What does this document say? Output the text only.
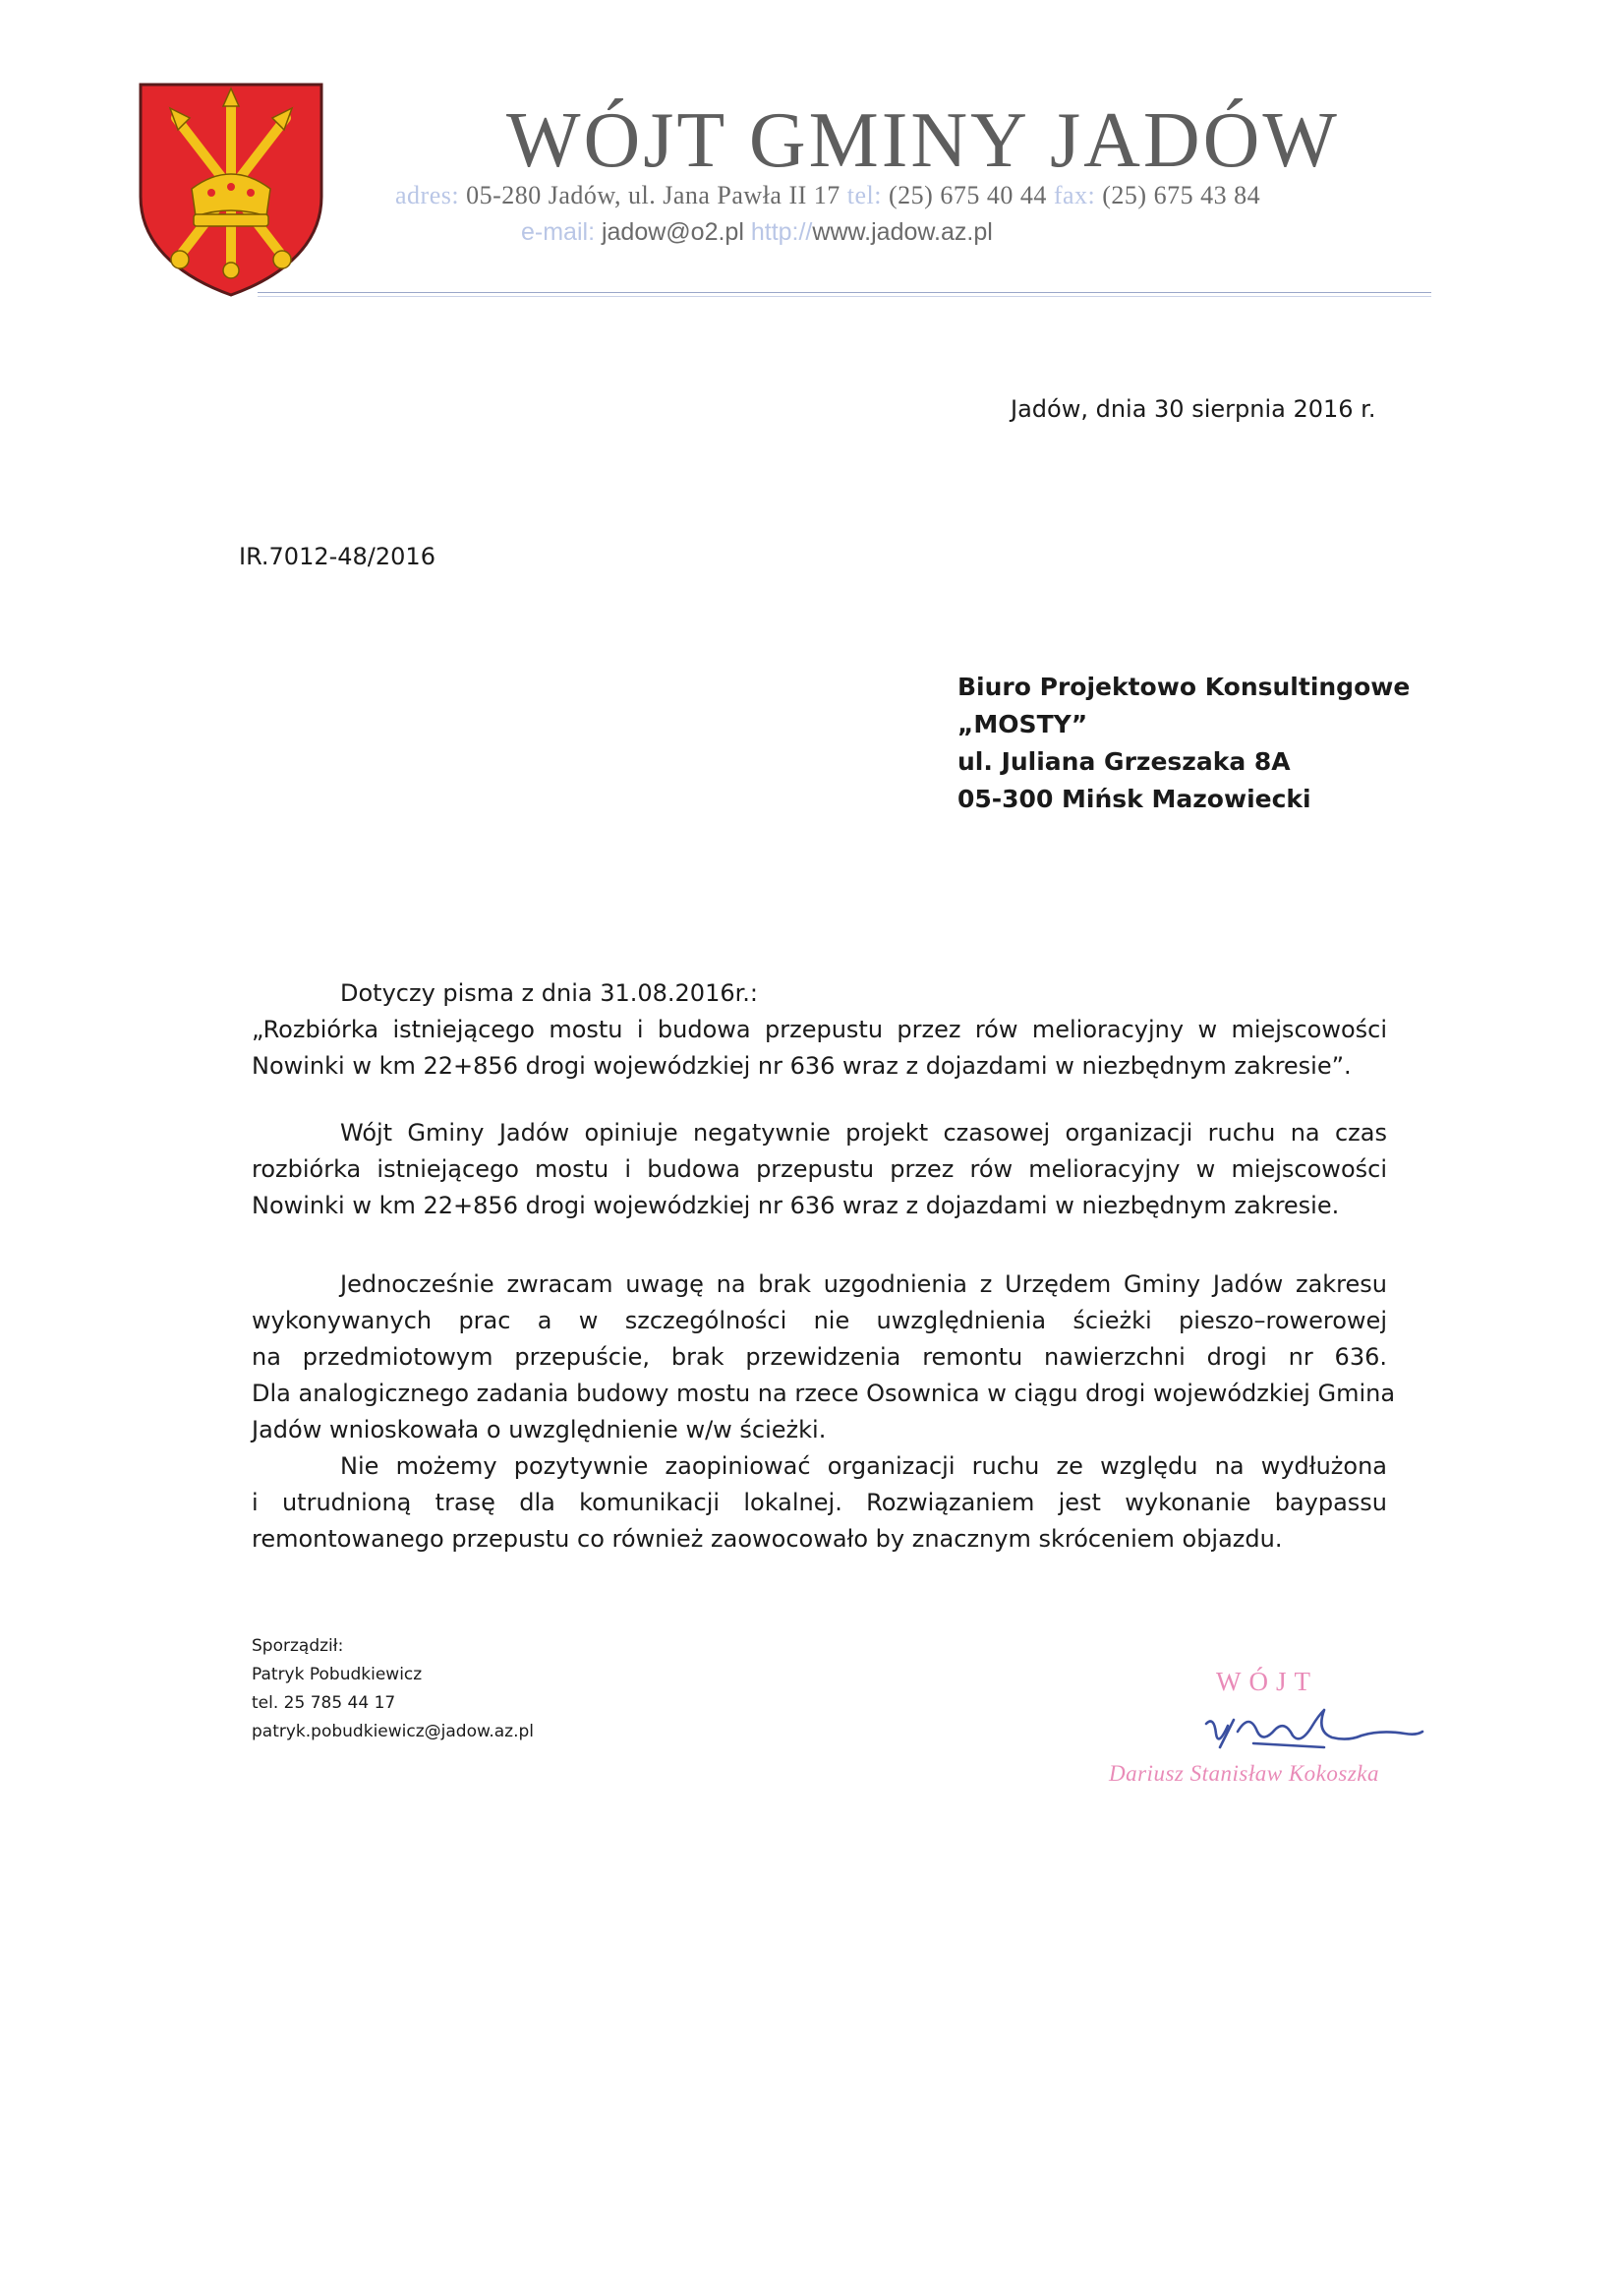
WÓJT GMINY JADÓW
adres: 05-280 Jadów, ul. Jana Pawła II 17 tel: (25) 675 40 44 fax: (25) 675 43 84
e-mail: jadow@o2.pl http://www.jadow.az.pl
Jadów, dnia 30 sierpnia 2016 r.
IR.7012-48/2016
Biuro Projektowo Konsultingowe
„MOSTY”
ul. Juliana Grzeszaka 8A
05-300 Mińsk Mazowiecki
Dotyczy pisma z dnia 31.08.2016r.:
„Rozbiórka istniejącego mostu i budowa przepustu przez rów melioracyjny w miejscowości
Nowinki w km 22+856 drogi wojewódzkiej nr 636 wraz z dojazdami w niezbędnym zakresie”.
Wójt Gminy Jadów opiniuje negatywnie projekt czasowej organizacji ruchu na czas
rozbiórka istniejącego mostu i budowa przepustu przez rów melioracyjny w miejscowości
Nowinki w km 22+856 drogi wojewódzkiej nr 636 wraz z dojazdami w niezbędnym zakresie.
Jednocześnie zwracam uwagę na brak uzgodnienia z Urzędem Gminy Jadów zakresu
wykonywanych prac a w szczególności nie uwzględnienia ścieżki pieszo–rowerowej
na przedmiotowym przepuście, brak przewidzenia remontu nawierzchni drogi nr 636.
Dla analogicznego zadania budowy mostu na rzece Osownica w ciągu drogi wojewódzkiej Gmina
Jadów wnioskowała o uwzględnienie w/w ścieżki.
Nie możemy pozytywnie zaopiniować organizacji ruchu ze względu na wydłużona
i utrudnioną trasę dla komunikacji lokalnej. Rozwiązaniem jest wykonanie baypassu
remontowanego przepustu co również zaowocowało by znacznym skróceniem objazdu.
Sporządził:
Patryk Pobudkiewicz
tel. 25 785 44 17
patryk.pobudkiewicz@jadow.az.pl
WÓJT
Dariusz Stanisław Kokoszka
